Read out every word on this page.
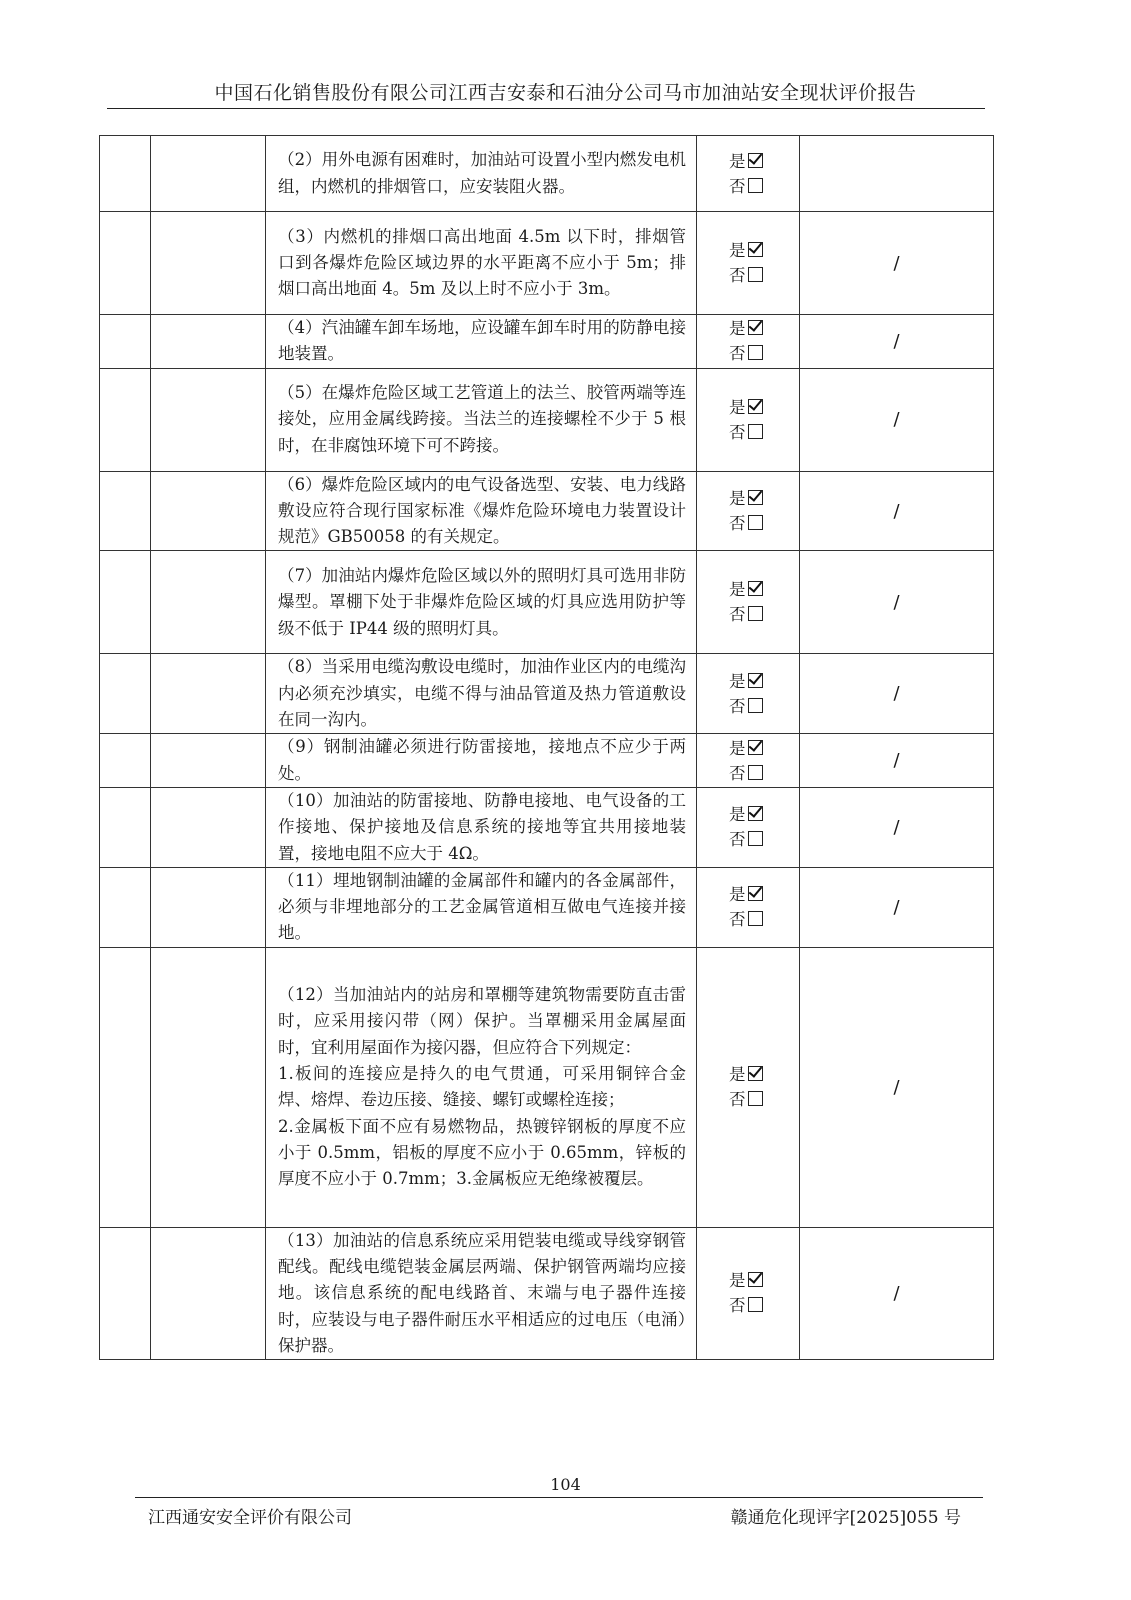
中国石化销售股份有限公司江西吉安泰和石油分公司马市加油站安全现状评价报告

		（2）用外电源有困难时，加油站可设置小型内燃发电机组，内燃机的排烟管口，应安装阻火器。	是
否	

		（3）内燃机的排烟口高出地面 4.5m 以下时，排烟管口到各爆炸危险区域边界的水平距离不应小于 5m；排烟口高出地面 4。5m 及以上时不应小于 3m。	是
否	/

		（4）汽油罐车卸车场地，应设罐车卸车时用的防静电接地装置。	是
否	/

		（5）在爆炸危险区域工艺管道上的法兰、胶管两端等连接处，应用金属线跨接。当法兰的连接螺栓不少于 5 根时，在非腐蚀环境下可不跨接。	是
否	/

		（6）爆炸危险区域内的电气设备选型、安装、电力线路敷设应符合现行国家标准《爆炸危险环境电力装置设计规范》GB50058 的有关规定。	是
否	/

		（7）加油站内爆炸危险区域以外的照明灯具可选用非防爆型。罩棚下处于非爆炸危险区域的灯具应选用防护等级不低于 IP44 级的照明灯具。	是
否	/

		（8）当采用电缆沟敷设电缆时，加油作业区内的电缆沟内必须充沙填实，电缆不得与油品管道及热力管道敷设在同一沟内。	是
否	/

		（9）钢制油罐必须进行防雷接地，接地点不应少于两处。	是
否	/

		（10）加油站的防雷接地、防静电接地、电气设备的工作接地、保护接地及信息系统的接地等宜共用接地装置，接地电阻不应大于 4Ω。	是
否	/

		（11）埋地钢制油罐的金属部件和罐内的各金属部件，必须与非埋地部分的工艺金属管道相互做电气连接并接地。	是
否	/

		（12）当加油站内的站房和罩棚等建筑物需要防直击雷时，应采用接闪带（网）保护。当罩棚采用金属屋面时，宜利用屋面作为接闪器，但应符合下列规定：
1.板间的连接应是持久的电气贯通，可采用铜锌合金焊、熔焊、卷边压接、缝接、螺钉或螺栓连接；
2.金属板下面不应有易燃物品，热镀锌钢板的厚度不应小于 0.5mm，铝板的厚度不应小于 0.65mm，锌板的厚度不应小于 0.7mm；3.金属板应无绝缘被覆层。	是
否	/

		（13）加油站的信息系统应采用铠装电缆或导线穿钢管配线。配线电缆铠装金属层两端、保护钢管两端均应接地。该信息系统的配电线路首、末端与电子器件连接时，应装设与电子器件耐压水平相适应的过电压（电涌）保护器。	是
否	/
104
江西通安安全评价有限公司	赣通危化现评字[2025]055 号
